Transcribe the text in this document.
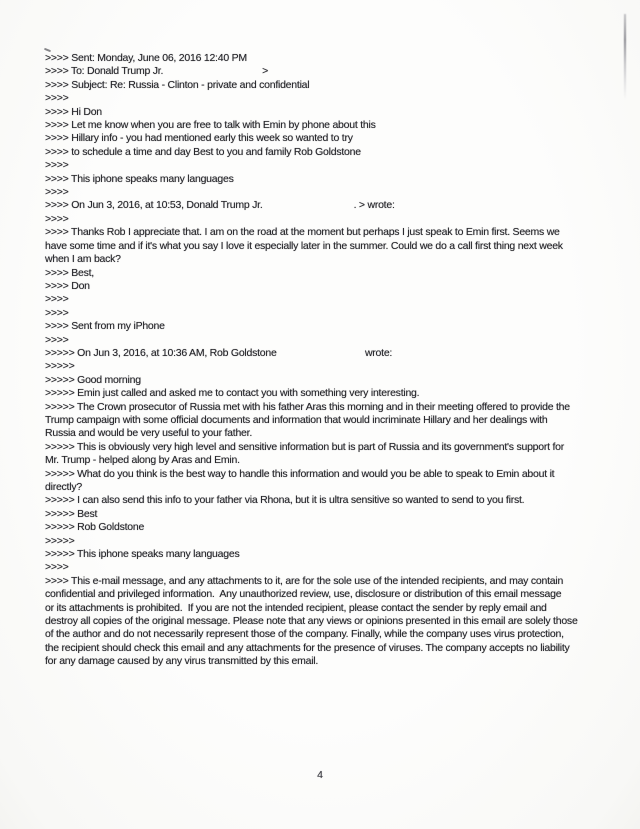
>>>> Sent: Monday, June 06, 2016 12:40 PM
>>>> To: Donald Trump Jr.                                     >
>>>> Subject: Re: Russia - Clinton - private and confidential
>>>>
>>>> Hi Don
>>>> Let me know when you are free to talk with Emin by phone about this
>>>> Hillary info - you had mentioned early this week so wanted to try
>>>> to schedule a time and day Best to you and family Rob Goldstone
>>>>
>>>> This iphone speaks many languages
>>>>
>>>> On Jun 3, 2016, at 10:53, Donald Trump Jr.                                  . > wrote:
>>>>
>>>> Thanks Rob I appreciate that. I am on the road at the moment but perhaps I just speak to Emin first. Seems we
have some time and if it's what you say I love it especially later in the summer. Could we do a call first thing next week
when I am back?
>>>> Best,
>>>> Don
>>>>
>>>>
>>>> Sent from my iPhone
>>>>
>>>>> On Jun 3, 2016, at 10:36 AM, Rob Goldstone                                 wrote:
>>>>>
>>>>> Good morning
>>>>> Emin just called and asked me to contact you with something very interesting.
>>>>> The Crown prosecutor of Russia met with his father Aras this morning and in their meeting offered to provide the
Trump campaign with some official documents and information that would incriminate Hillary and her dealings with
Russia and would be very useful to your father.
>>>>> This is obviously very high level and sensitive information but is part of Russia and its government's support for
Mr. Trump - helped along by Aras and Emin.
>>>>> What do you think is the best way to handle this information and would you be able to speak to Emin about it
directly?
>>>>> I can also send this info to your father via Rhona, but it is ultra sensitive so wanted to send to you first.
>>>>> Best
>>>>> Rob Goldstone
>>>>>
>>>>> This iphone speaks many languages
>>>>
>>>> This e-mail message, and any attachments to it, are for the sole use of the intended recipients, and may contain
confidential and privileged information.  Any unauthorized review, use, disclosure or distribution of this email message
or its attachments is prohibited.  If you are not the intended recipient, please contact the sender by reply email and
destroy all copies of the original message. Please note that any views or opinions presented in this email are solely those
of the author and do not necessarily represent those of the company. Finally, while the company uses virus protection,
the recipient should check this email and any attachments for the presence of viruses. The company accepts no liability
for any damage caused by any virus transmitted by this email.
4
